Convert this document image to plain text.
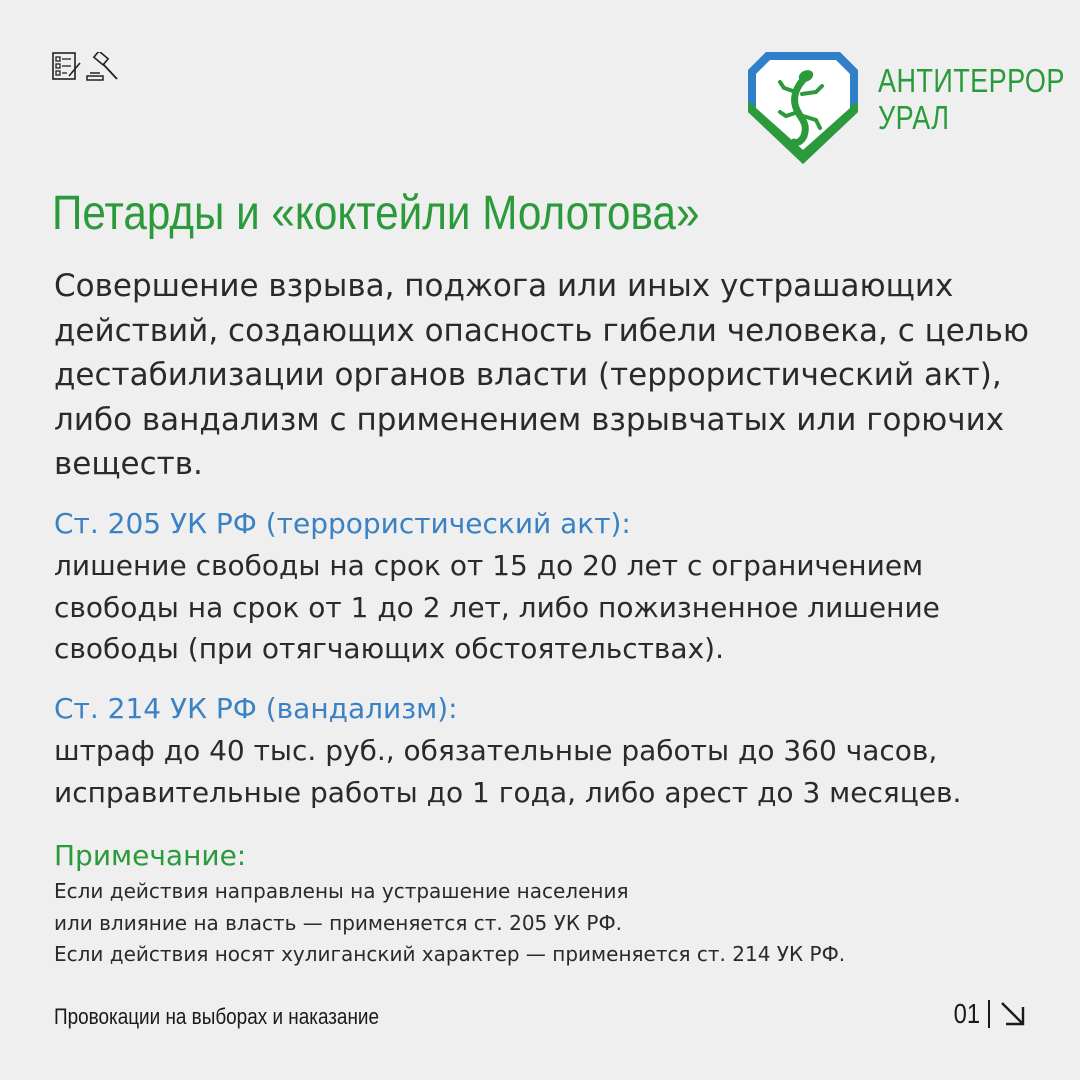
АНТИТЕРРОР
УРАЛ
Петарды и «коктейли Молотова»

Совершение взрыва, поджога или иных устрашающих действий, создающих опасность гибели человека, с целью дестабилизации органов власти (террористический акт), либо вандализм с применением взрывчатых или горючих веществ.

Ст. 205 УК РФ (террористический акт):
лишение свободы на срок от 15 до 20 лет с ограничением свободы на срок от 1 до 2 лет, либо пожизненное лишение свободы (при отягчающих обстоятельствах).
Ст. 214 УК РФ (вандализм):
штраф до 40 тыс. руб., обязательные работы до 360 часов, исправительные работы до 1 года, либо арест до 3 месяцев.
Примечание:
Если действия направлены на устрашение населения
или влияние на власть — применяется ст. 205 УК РФ.
Если действия носят хулиганский характер — применяется ст. 214 УК РФ.
Провокации на выборах и наказание	01
